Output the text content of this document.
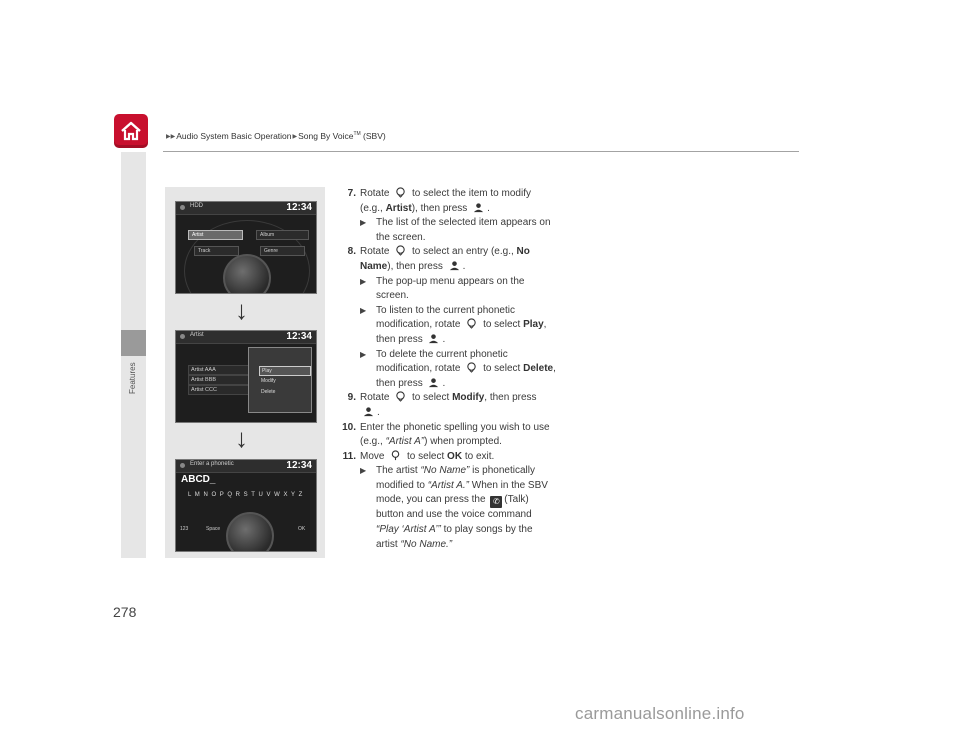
▶▶ Audio System Basic Operation ▶ Song By Voice™ (SBV)
Features
278
HDD	12:34
Artist	Album
Track	Genre
↓
Artist	12:34
Artist AAA
Artist BBB
Artist CCC
Play
Modify
Delete
↓
Enter a phonetic	12:34
ABCD_
L M N O P Q R S T U V W X Y Z
123	Space	OK
7. Rotate to select the item to modify (e.g., Artist), then press .
▶ The list of the selected item appears on the screen.
8. Rotate to select an entry (e.g., No Name), then press .
▶ The pop-up menu appears on the screen.
▶ To listen to the current phonetic modification, rotate to select Play, then press .
▶ To delete the current phonetic modification, rotate to select Delete, then press .
9. Rotate to select Modify, then press .
10. Enter the phonetic spelling you wish to use (e.g., “Artist A”) when prompted.
11. Move to select OK to exit.
▶ The artist “No Name” is phonetically modified to “Artist A.” When in the SBV mode, you can press the ✆ (Talk) button and use the voice command “Play ‘Artist A’” to play songs by the artist “No Name.”
carmanualsonline.info
